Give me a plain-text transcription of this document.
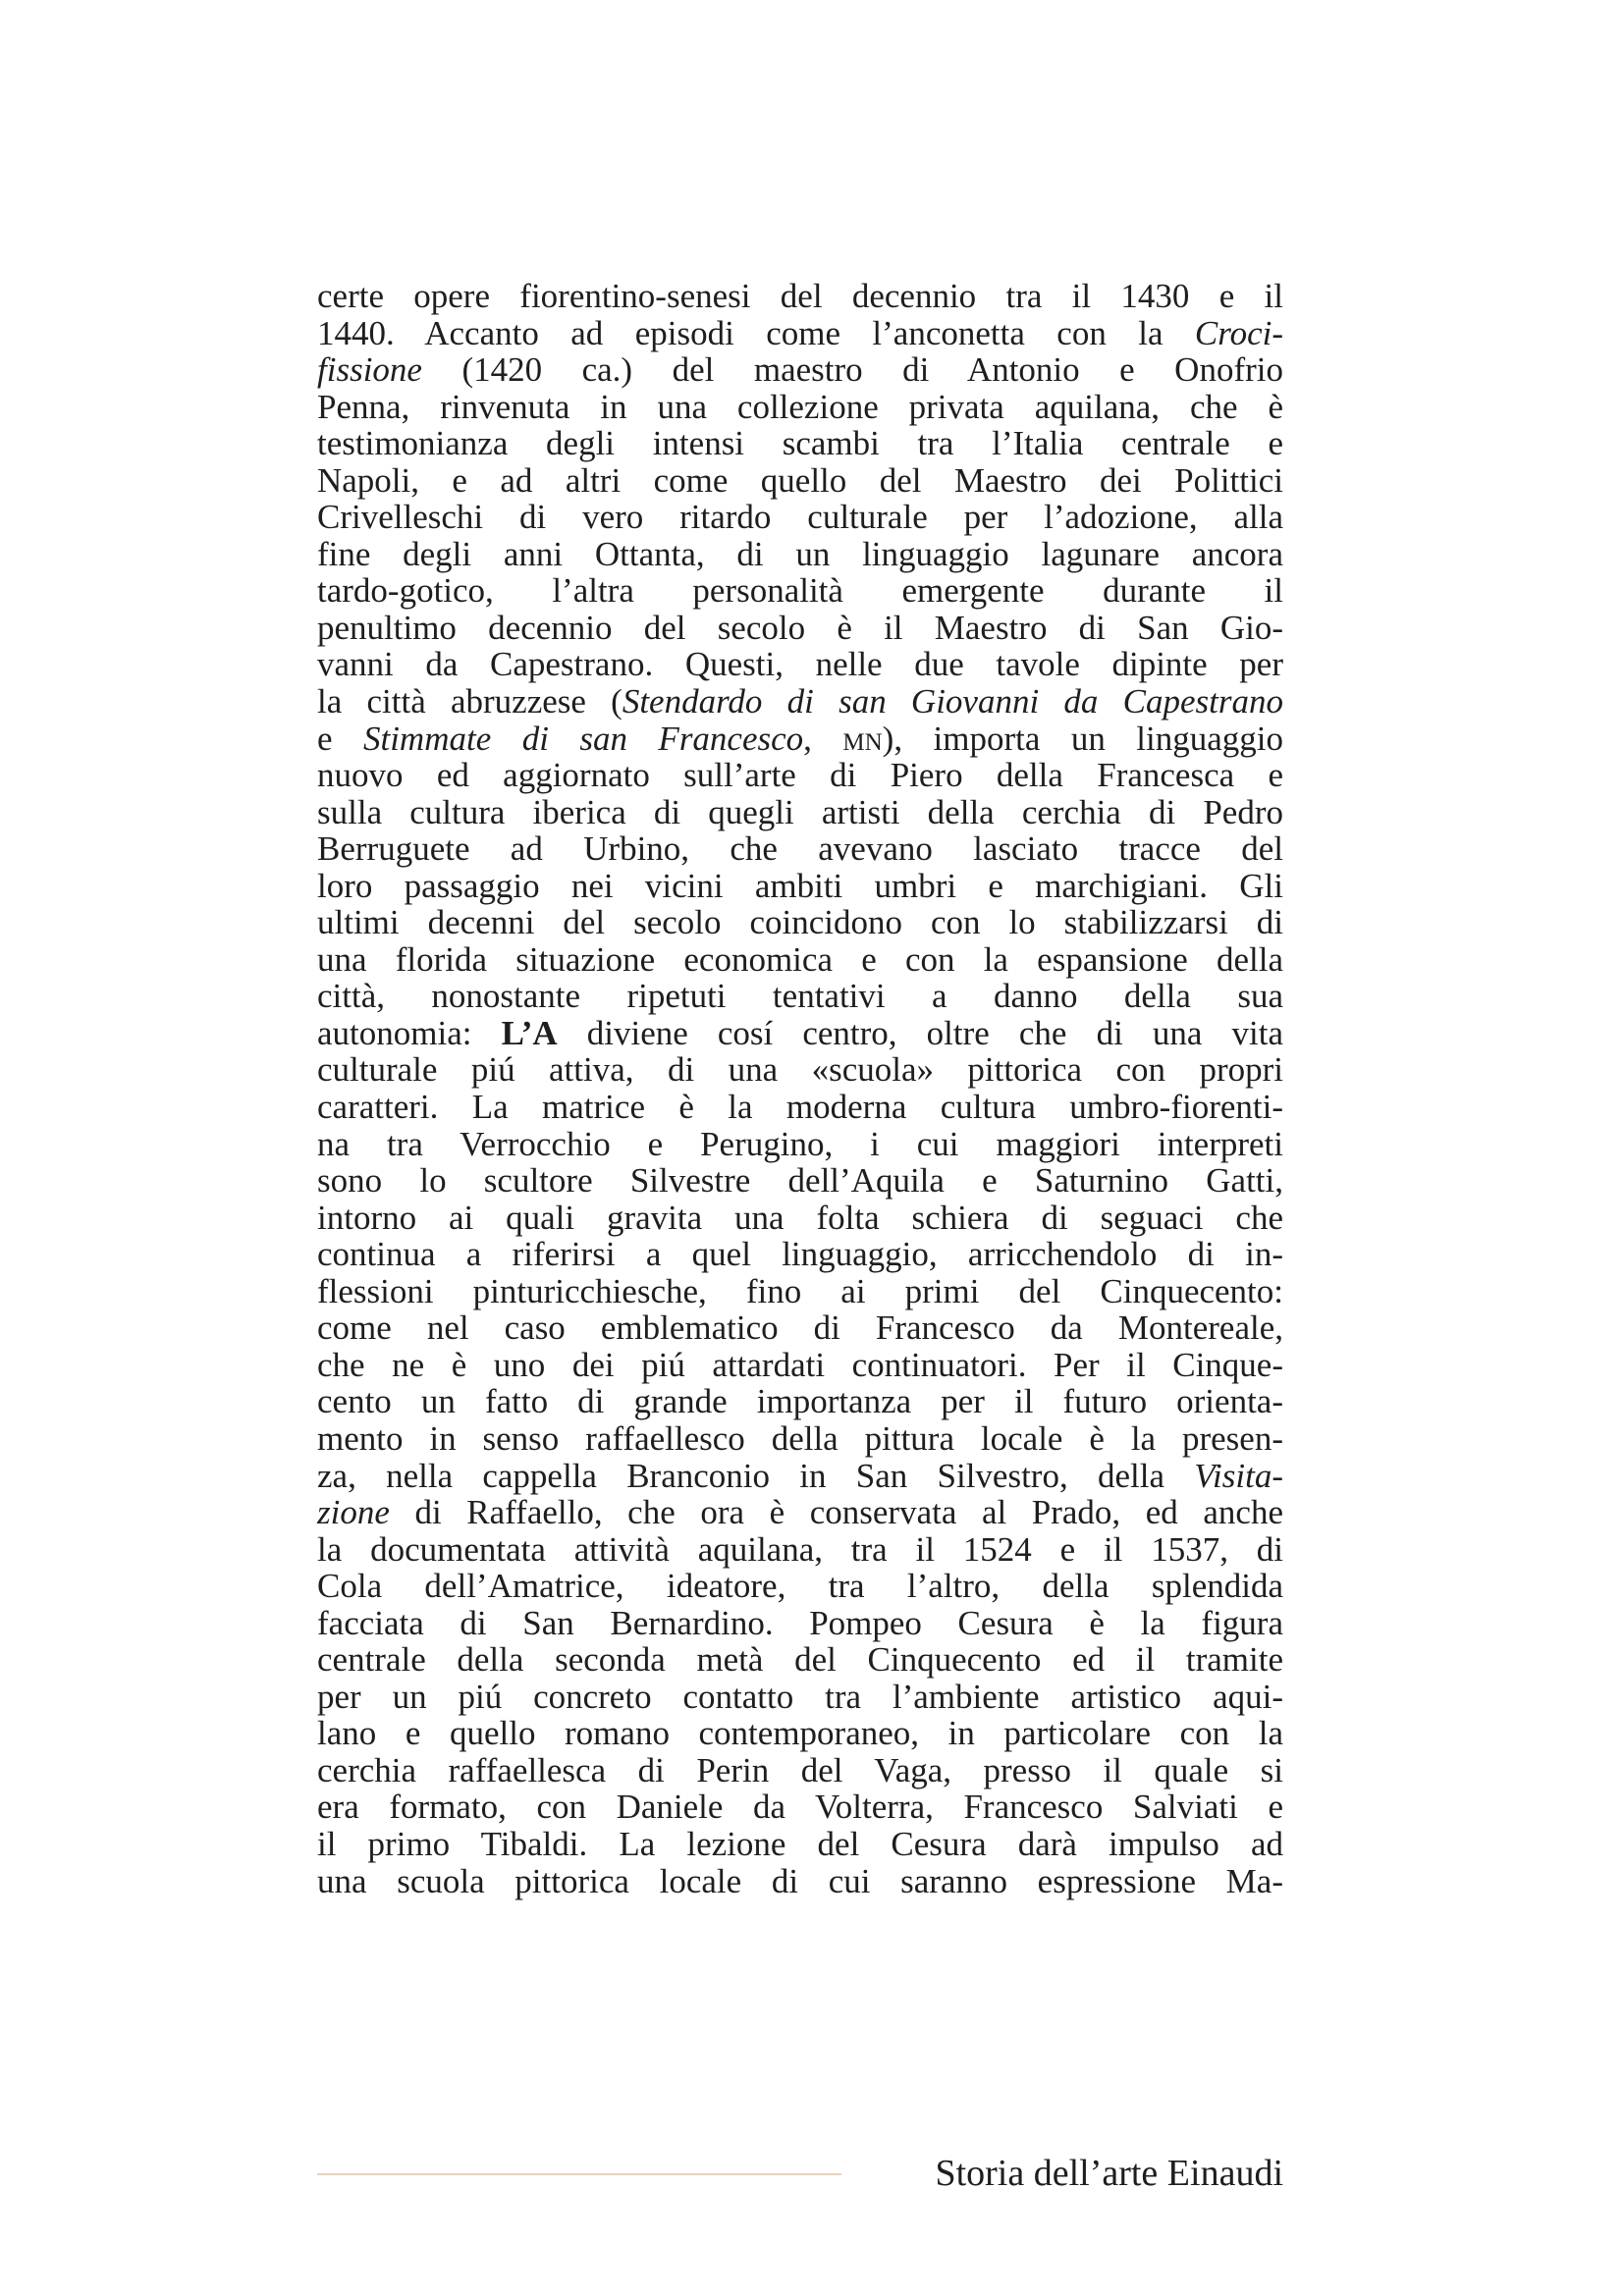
certe opere fiorentino-senesi del decennio tra il 1430 e il
1440. Accanto ad episodi come l’anconetta con la Croci-
fissione (1420 ca.) del maestro di Antonio e Onofrio
Penna, rinvenuta in una collezione privata aquilana, che è
testimonianza degli intensi scambi tra l’Italia centrale e
Napoli, e ad altri come quello del Maestro dei Polittici
Crivelleschi di vero ritardo culturale per l’adozione, alla
fine degli anni Ottanta, di un linguaggio lagunare ancora
tardo-gotico, l’altra personalità emergente durante il
penultimo decennio del secolo è il Maestro di San Gio-
vanni da Capestrano. Questi, nelle due tavole dipinte per
la città abruzzese (Stendardo di san Giovanni da Capestrano
e Stimmate di san Francesco, mn), importa un linguaggio
nuovo ed aggiornato sull’arte di Piero della Francesca e
sulla cultura iberica di quegli artisti della cerchia di Pedro
Berruguete ad Urbino, che avevano lasciato tracce del
loro passaggio nei vicini ambiti umbri e marchigiani. Gli
ultimi decenni del secolo coincidono con lo stabilizzarsi di
una florida situazione economica e con la espansione della
città, nonostante ripetuti tentativi a danno della sua
autonomia: L’A diviene cosí centro, oltre che di una vita
culturale piú attiva, di una «scuola» pittorica con propri
caratteri. La matrice è la moderna cultura umbro-fiorenti-
na tra Verrocchio e Perugino, i cui maggiori interpreti
sono lo scultore Silvestre dell’Aquila e Saturnino Gatti,
intorno ai quali gravita una folta schiera di seguaci che
continua a riferirsi a quel linguaggio, arricchendolo di in-
flessioni pinturicchiesche, fino ai primi del Cinquecento:
come nel caso emblematico di Francesco da Montereale,
che ne è uno dei piú attardati continuatori. Per il Cinque-
cento un fatto di grande importanza per il futuro orienta-
mento in senso raffaellesco della pittura locale è la presen-
za, nella cappella Branconio in San Silvestro, della Visita-
zione di Raffaello, che ora è conservata al Prado, ed anche
la documentata attività aquilana, tra il 1524 e il 1537, di
Cola dell’Amatrice, ideatore, tra l’altro, della splendida
facciata di San Bernardino. Pompeo Cesura è la figura
centrale della seconda metà del Cinquecento ed il tramite
per un piú concreto contatto tra l’ambiente artistico aqui-
lano e quello romano contemporaneo, in particolare con la
cerchia raffaellesca di Perin del Vaga, presso il quale si
era formato, con Daniele da Volterra, Francesco Salviati e
il primo Tibaldi. La lezione del Cesura darà impulso ad
una scuola pittorica locale di cui saranno espressione Ma-
Storia dell’arte Einaudi
